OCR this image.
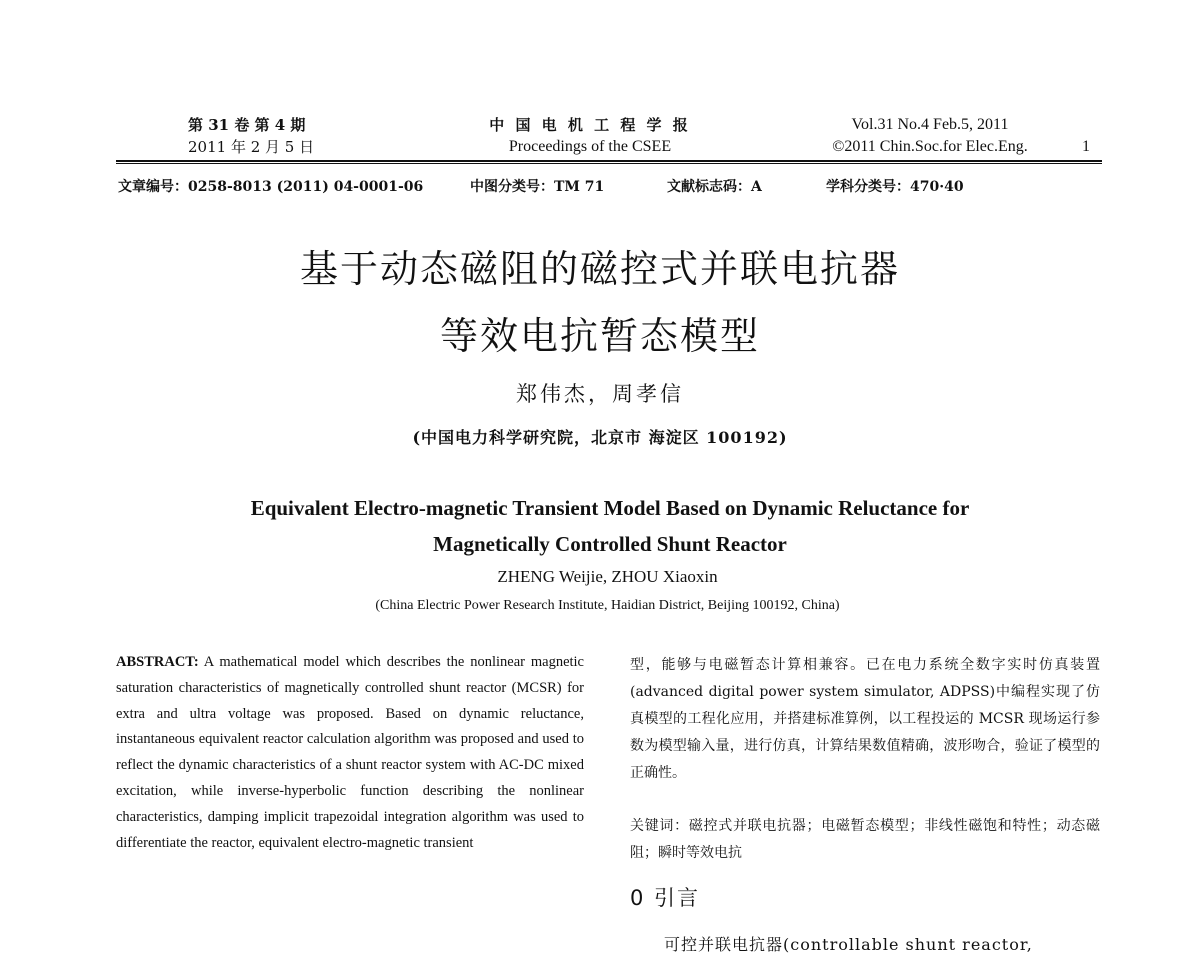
第 31 卷 第 4 期
2011 年 2 月 5 日
中 国 电 机 工 程 学 报
Proceedings of the CSEE
Vol.31 No.4 Feb.5, 2011
©2011 Chin.Soc.for Elec.Eng.	1
文章编号：0258-8013 (2011) 04-0001-06	中图分类号：TM 71	文献标志码：A	学科分类号：470·40
基于动态磁阻的磁控式并联电抗器
等效电抗暂态模型
郑伟杰，周孝信
(中国电力科学研究院，北京市 海淀区 100192)
Equivalent Electro-magnetic Transient Model Based on Dynamic Reluctance for
Magnetically Controlled Shunt Reactor
ZHENG Weijie, ZHOU Xiaoxin
(China Electric Power Research Institute, Haidian District, Beijing 100192, China)
ABSTRACT: A mathematical model which describes the nonlinear magnetic saturation characteristics of magnetically controlled shunt reactor (MCSR) for extra and ultra voltage was proposed. Based on dynamic reluctance, instantaneous equivalent reactor calculation algorithm was proposed and used to reflect the dynamic characteristics of a shunt reactor system with AC-DC mixed excitation, while inverse-hyperbolic function describing the nonlinear characteristics, damping implicit trapezoidal integration algorithm was used to differentiate the reactor, equivalent electro-magnetic transient
型，能够与电磁暂态计算相兼容。已在电力系统全数字实时仿真装置(advanced digital power system simulator, ADPSS)中编程实现了仿真模型的工程化应用，并搭建标准算例，以工程投运的 MCSR 现场运行参数为模型输入量，进行仿真，计算结果数值精确，波形吻合，验证了模型的正确性。
关键词：磁控式并联电抗器；电磁暂态模型；非线性磁饱和特性；动态磁阻；瞬时等效电抗
0 引言
可控并联电抗器(controllable shunt reactor,
